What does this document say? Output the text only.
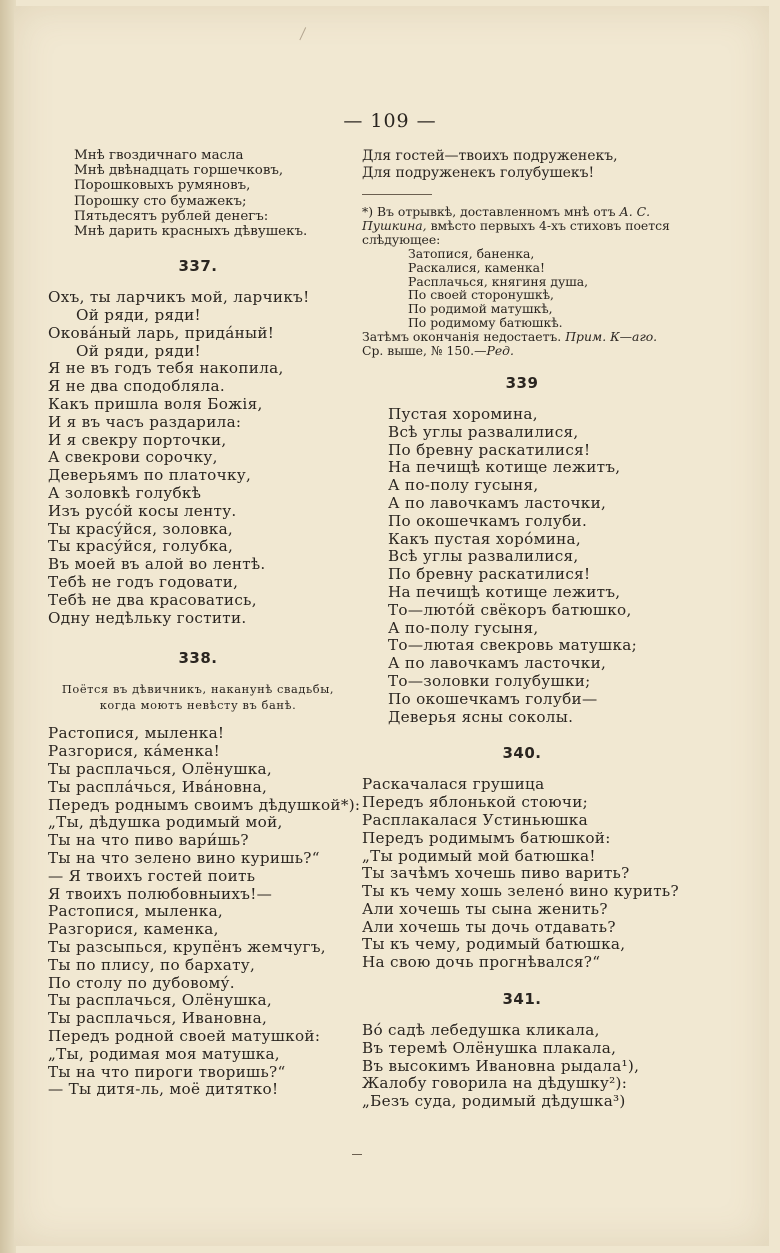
— 109 —
Мнѣ гвоздичнаго масла
Мнѣ двѣнадцать горшечковъ,
Порошковыхъ румяновъ,
Порошку сто бумажекъ;
Пятьдесятъ рублей денегъ:
Мнѣ дарить красныхъ дѣвушекъ.
337.
Охъ, ты ларчикъ мой, ларчикъ!
Ой ряди, ряди!
Окова́ный ларь, прида́ный!
Ой ряди, ряди!
Я не въ годъ тебя накопила,
Я не два сподобляла.
Какъ пришла воля Божія,
И я въ часъ раздарила:
И я свекру порточки,
А свекрови сорочку,
Деверьямъ по платочку,
А золовкѣ голубкѣ
Изъ русо́й косы ленту.
Ты красу́йся, золовка,
Ты красу́йся, голубка,
Въ моей въ алой во лентѣ.
Тебѣ не годъ годовати,
Тебѣ не два красоватись,
Одну недѣльку гостити.
338.
Поётся въ дѣвичникъ, наканунѣ свадьбы,
когда моютъ невѣсту въ банѣ.
Растопися, мыленка!
Разгорися, ка́менка!
Ты расплачься, Олёнушка,
Ты распла́чься, Ива́новна,
Передъ роднымъ своимъ дѣдушкой*):
„Ты, дѣдушка родимый мой,
Ты на что пиво вари́шь?
Ты на что зелено вино куришь?“
— Я твоихъ гостей поить
Я твоихъ полюбовныихъ!—
Растопися, мыленка,
Разгорися, каменка,
Ты разсыпься, крупёнъ жемчугъ,
Ты по плису, по бархату,
По столу по дубовому́.
Ты расплачься, Олёнушка,
Ты расплачься, Ивановна,
Передъ родной своей матушкой:
„Ты, родимая моя матушка,
Ты на что пироги творишь?“
— Ты дитя-ль, моё дитятко!
Для гостей—твоихъ подруженекъ,
Для подруженекъ голубушекъ!
*) Въ отрывкѣ, доставленномъ мнѣ отъ А. С.
Пушкина, вмѣсто первыхъ 4-хъ стиховъ поется
слѣдующее:
Затопися, баненка,
Раскалися, каменка!
Расплачься, княгиня душа,
По своей сторонушкѣ,
По родимой матушкѣ,
По родимому батюшкѣ.
Затѣмъ окончанія недостаетъ. Прим. К—аго.
Ср. выше, № 150.—Ред.
339
Пустая хоромина,
Всѣ углы развалилися,
По бревну раскатилися!
На печищѣ котище лежитъ,
А по-полу гусыня,
А по лавочкамъ ласточки,
По окошечкамъ голуби.
Какъ пустая хоро́мина,
Всѣ углы развалилися,
По бревну раскатилися!
На печищѣ котище лежитъ,
То—люто́й свёкоръ батюшко,
А по-полу гусыня,
То—лютая свекровь матушка;
А по лавочкамъ ласточки,
То—золовки голубушки;
По окошечкамъ голуби—
Деверья ясны соколы.
340.
Раскачалася грушица
Передъ яблонькой стоючи;
Расплакалася Устиньюшка
Передъ родимымъ батюшкой:
„Ты родимый мой батюшка!
Ты зачѣмъ хочешь пиво варить?
Ты къ чему хошь зелено́ вино курить?
Али хочешь ты сына женить?
Али хочешь ты дочь отдавать?
Ты къ чему, родимый батюшка,
На свою дочь прогнѣвался?“
341.
Во́ садѣ лебедушка кликала,
Въ теремѣ Олёнушка плакала,
Въ высокимъ Ивановна рыдала¹),
Жалобу говорила на дѣдушку²):
„Безъ суда, родимый дѣдушка³)
